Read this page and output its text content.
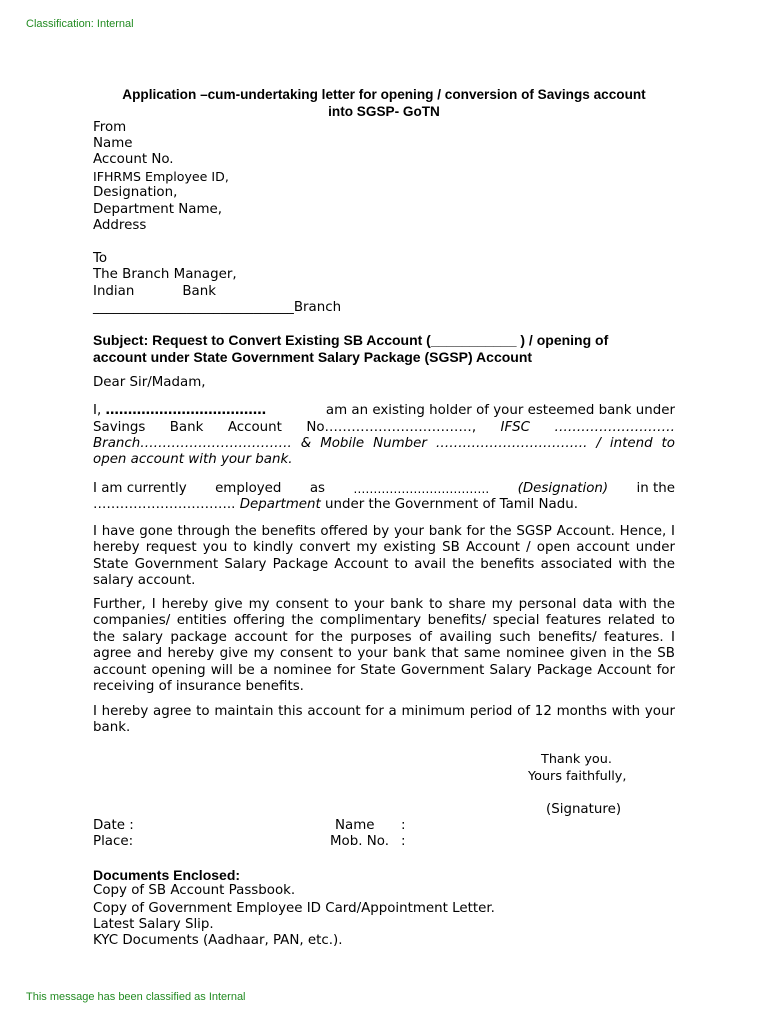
Classification: Internal
Application –cum-undertaking letter for opening / conversion of Savings account
into SGSP- GoTN
From
Name
Account No.
IFHRMS Employee ID,
Designation,
Department Name,
Address
To
The Branch Manager,
Indian	Bank
______________________________Branch
Subject: Request to Convert Existing SB Account (___________ ) / opening of
account under State Government Salary Package (SGSP) Account
Dear Sir/Madam,
I, ………………………………	am an existing holder of your esteemed bank under
Savings Bank Account No……………………………, IFSC ………………………
Branch……………………………. & Mobile Number ……………………………. / intend to
open account with your bank.
I am currently employed as ……………………………. (Designation) in the
………………………….. Department under the Government of Tamil Nadu.
I have gone through the benefits offered by your bank for the SGSP Account. Hence, I hereby request you to kindly convert my existing SB Account / open account under State Government Salary Package Account to avail the benefits associated with the salary account.
Further, I hereby give my consent to your bank to share my personal data with the companies/ entities offering the complimentary benefits/ special features related to the salary package account for the purposes of availing such benefits/ features. I agree and hereby give my consent to your bank that same nominee given in the SB account opening will be a nominee for State Government Salary Package Account for receiving of insurance benefits.
I hereby agree to maintain this account for a minimum period of 12 months with your bank.
Thank you.
Yours faithfully,
(Signature)
Date :
Place:
Name :
Mob. No. :
Documents Enclosed:
Copy of SB Account Passbook.
Copy of Government Employee ID Card/Appointment Letter.
Latest Salary Slip.
KYC Documents (Aadhaar, PAN, etc.).
This message has been classified as Internal
